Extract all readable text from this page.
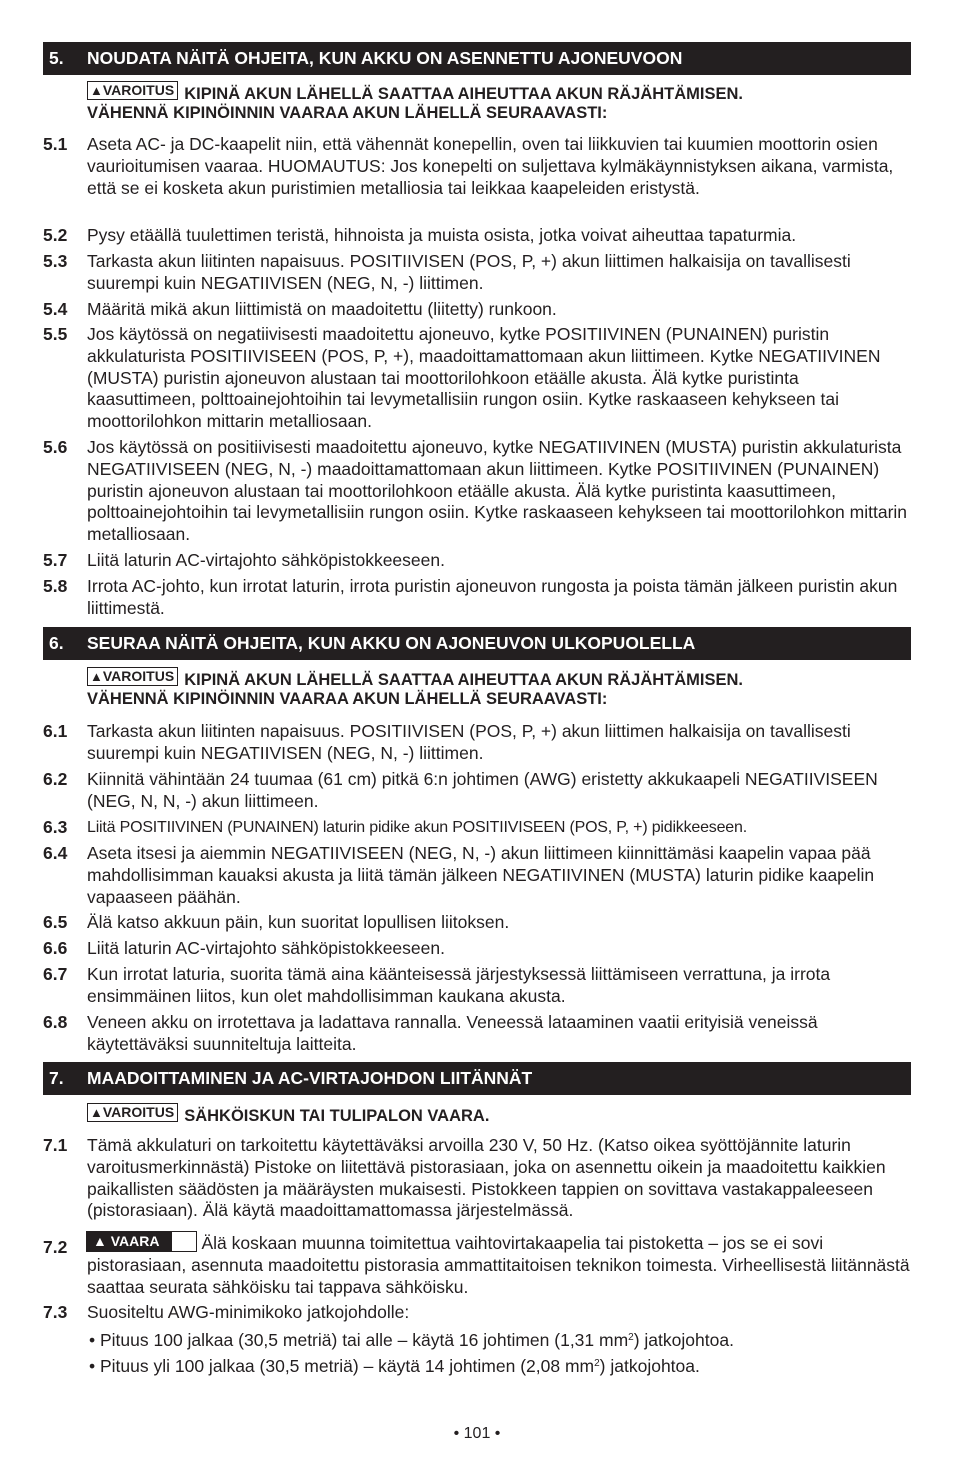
5. NOUDATA NÄITÄ OHJEITA, KUN AKKU ON ASENNETTU AJONEUVOON
▲VAROITUS KIPINÄ AKUN LÄHELLÄ SAATTAA AIHEUTTAA AKUN RÄJÄHTÄMISEN.
VÄHENNÄ KIPINÖINNIN VAARAA AKUN LÄHELLÄ SEURAAVASTI:
5.1 Aseta AC- ja DC-kaapelit niin, että vähennät konepellin, oven tai liikkuvien tai kuumien moottorin osien vaurioitumisen vaaraa. HUOMAUTUS: Jos konepelti on suljettava kylmäkäynnistyksen aikana, varmista, että se ei kosketa akun puristimien metalliosia tai leikkaa kaapeleiden eristystä.
5.2 Pysy etäällä tuulettimen teristä, hihnoista ja muista osista, jotka voivat aiheuttaa tapaturmia.
5.3 Tarkasta akun liitinten napaisuus. POSITIIVISEN (POS, P, +) akun liittimen halkaisija on tavallisesti suurempi kuin NEGATIIVISEN (NEG, N, -) liittimen.
5.4 Määritä mikä akun liittimistä on maadoitettu (liitetty) runkoon.
5.5 Jos käytössä on negatiivisesti maadoitettu ajoneuvo, kytke POSITIIVINEN (PUNAINEN) puristin akkulaturista POSITIIVISEEN (POS, P, +), maadoittamattomaan akun liittimeen. Kytke NEGATIIVINEN (MUSTA) puristin ajoneuvon alustaan tai moottorilohkoon etäälle akusta. Älä kytke puristinta kaasuttimeen, polttoainejohtoihin tai levymetallisiin rungon osiin. Kytke raskaaseen kehykseen tai moottorilohkon mittarin metalliosaan.
5.6 Jos käytössä on positiivisesti maadoitettu ajoneuvo, kytke NEGATIIVINEN (MUSTA) puristin akkulaturista NEGATIIVISEEN (NEG, N, -) maadoittamattomaan akun liittimeen. Kytke POSITIIVINEN (PUNAINEN) puristin ajoneuvon alustaan tai moottorilohkoon etäälle akusta. Älä kytke puristinta kaasuttimeen, polttoainejohtoihin tai levymetallisiin rungon osiin. Kytke raskaaseen kehykseen tai moottorilohkon mittarin metalliosaan.
5.7 Liitä laturin AC-virtajohto sähköpistokkeeseen.
5.8 Irrota AC-johto, kun irrotat laturin, irrota puristin ajoneuvon rungosta ja poista tämän jälkeen puristin akun liittimestä.
6. SEURAA NÄITÄ OHJEITA, KUN AKKU ON AJONEUVON ULKOPUOLELLA
▲VAROITUS KIPINÄ AKUN LÄHELLÄ SAATTAA AIHEUTTAA AKUN RÄJÄHTÄMISEN.
VÄHENNÄ KIPINÖINNIN VAARAA AKUN LÄHELLÄ SEURAAVASTI:
6.1 Tarkasta akun liitinten napaisuus. POSITIIVISEN (POS, P, +) akun liittimen halkaisija on tavallisesti suurempi kuin NEGATIIVISEN (NEG, N, -) liittimen.
6.2 Kiinnitä vähintään 24 tuumaa (61 cm) pitkä 6:n johtimen (AWG) eristetty akkukaapeli NEGATIIVISEEN (NEG, N, N, -) akun liittimeen.
6.3 Liitä POSITIIVINEN (PUNAINEN) laturin pidike akun POSITIIVISEEN (POS, P, +) pidikkeeseen.
6.4 Aseta itsesi ja aiemmin NEGATIIVISEEN (NEG, N, -) akun liittimeen kiinnittämäsi kaapelin vapaa pää mahdollisimman kauaksi akusta ja liitä tämän jälkeen NEGATIIVINEN (MUSTA) laturin pidike kaapelin vapaaseen päähän.
6.5 Älä katso akkuun päin, kun suoritat lopullisen liitoksen.
6.6 Liitä laturin AC-virtajohto sähköpistokkeeseen.
6.7 Kun irrotat laturia, suorita tämä aina käänteisessä järjestyksessä liittämiseen verrattuna, ja irrota ensimmäinen liitos, kun olet mahdollisimman kaukana akusta.
6.8 Veneen akku on irrotettava ja ladattava rannalla. Veneessä lataaminen vaatii erityisiä veneissä käytettäväksi suunniteltuja laitteita.
7. MAADOITTAMINEN JA AC-VIRTAJOHDON LIITÄNNÄT
▲VAROITUS SÄHKÖISKUN TAI TULIPALON VAARA.
7.1 Tämä akkulaturi on tarkoitettu käytettäväksi arvoilla 230 V, 50 Hz. (Katso oikea syöttöjännite laturin varoitusmerkinnästä) Pistoke on liitettävä pistorasiaan, joka on asennettu oikein ja maadoitettu kaikkien paikallisten säädösten ja määräysten mukaisesti. Pistokkeen tappien on sovittava vastakappaleeseen (pistorasiaan). Älä käytä maadoittamattomassa järjestelmässä.
7.2	▲ VAARA Älä koskaan muunna toimitettua vaihtovirtakaapelia tai pistoketta – jos se ei sovi pistorasiaan, asennuta maadoitettu pistorasia ammattitaitoisen teknikon toimesta. Virheellisestä liitännästä saattaa seurata sähköisku tai tappava sähköisku.
7.3 Suositeltu AWG-minimikoko jatkojohdolle:
• Pituus 100 jalkaa (30,5 metriä) tai alle – käytä 16 johtimen (1,31 $mm^2$) jatkojohtoa.
• Pituus yli 100 jalkaa (30,5 metriä) – käytä 14 johtimen (2,08 $mm^2$) jatkojohtoa.
• 101 •
